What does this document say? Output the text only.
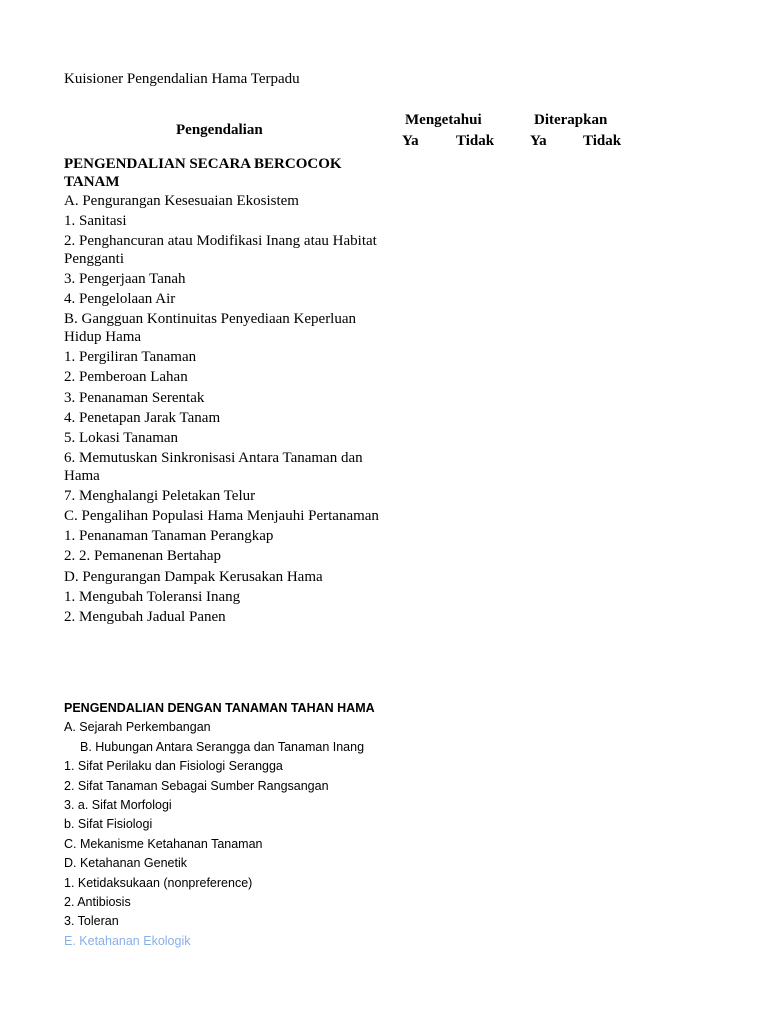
Kuisioner Pengendalian Hama Terpadu
Pengendalian
Mengetahui	Diterapkan
Ya Tidak Ya Tidak
PENGENDALIAN SECARA BERCOCOK TANAM
A. Pengurangan Kesesuaian Ekosistem
1. Sanitasi
2. Penghancuran atau Modifikasi Inang atau Habitat Pengganti
3. Pengerjaan Tanah
4. Pengelolaan Air
B. Gangguan Kontinuitas Penyediaan Keperluan Hidup Hama
1. Pergiliran Tanaman
2. Pemberoan Lahan
3. Penanaman Serentak
4. Penetapan Jarak Tanam
5. Lokasi Tanaman
6. Memutuskan Sinkronisasi Antara Tanaman dan Hama
7. Menghalangi Peletakan Telur
C. Pengalihan Populasi Hama Menjauhi Pertanaman
1. Penanaman Tanaman Perangkap
2. 2. Pemanenan Bertahap
D. Pengurangan Dampak Kerusakan Hama
1. Mengubah Toleransi Inang
2. Mengubah Jadual Panen
PENGENDALIAN DENGAN TANAMAN TAHAN HAMA
A. Sejarah Perkembangan
B. Hubungan Antara Serangga dan Tanaman Inang
1. Sifat Perilaku dan Fisiologi Serangga
2. Sifat Tanaman Sebagai Sumber Rangsangan
3. a. Sifat Morfologi
b. Sifat Fisiologi
C. Mekanisme Ketahanan Tanaman
D. Ketahanan Genetik
1. Ketidaksukaan (nonpreference)
2. Antibiosis
3. Toleran
E. Ketahanan Ekologik
